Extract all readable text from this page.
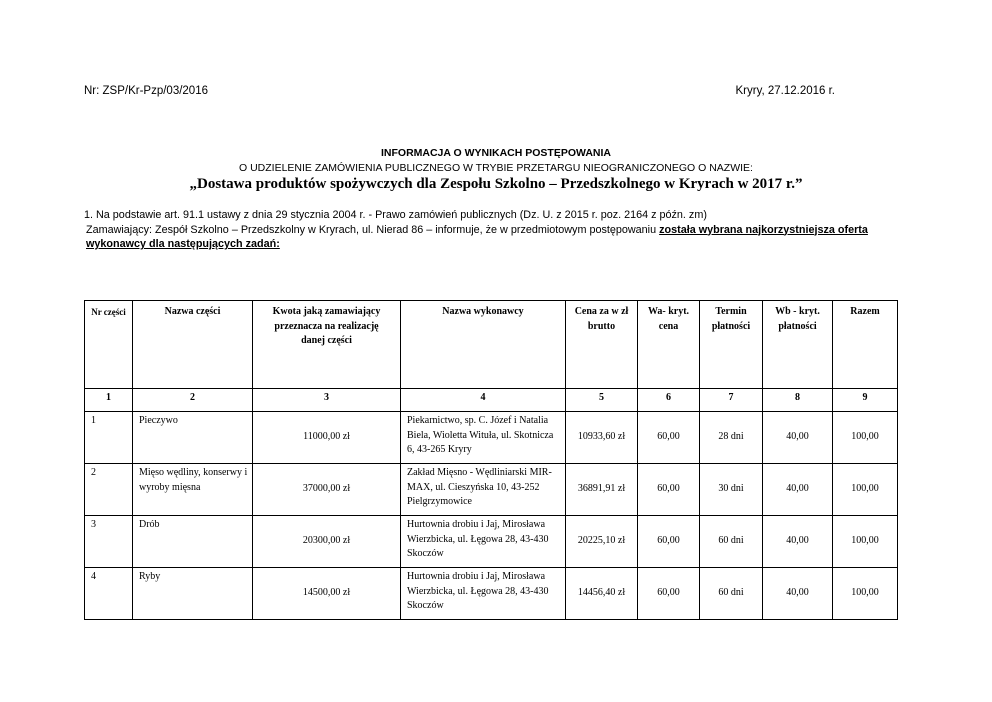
Nr: ZSP/Kr-Pzp/03/2016	Kryry, 27.12.2016 r.
INFORMACJA O WYNIKACH POSTĘPOWANIA
O UDZIELENIE ZAMÓWIENIA PUBLICZNEGO W TRYBIE PRZETARGU NIEOGRANICZONEGO O NAZWIE:
„Dostawa produktów spożywczych dla Zespołu Szkolno – Przedszkolnego w Kryrach w 2017 r.”
1. Na podstawie art. 91.1 ustawy z dnia 29 stycznia 2004 r. - Prawo zamówień publicznych (Dz. U. z 2015 r. poz. 2164 z późn. zm)
Zamawiający: Zespół Szkolno – Przedszkolny w Kryrach, ul. Nierad 86 – informuje, że w przedmiotowym postępowaniu została wybrana najkorzystniejsza oferta wykonawcy dla następujących zadań:
Nr części	Nazwa części	Kwota jaką zamawiający przeznacza na realizację danej części	Nazwa wykonawcy	Cena za w zł brutto	Wa- kryt. cena	Termin płatności	Wb - kryt. płatności	Razem
1	2	3	4	5	6	7	8	9
1	Pieczywo	11000,00 zł	Piekarnictwo, sp. C. Józef i Natalia Biela, Wioletta Wituła, ul. Skotnicza 6, 43-265 Kryry	10933,60 zł	60,00	28 dni	40,00	100,00
2	Mięso wędliny, konserwy i wyroby mięsna	37000,00 zł	Zakład Mięsno - Wędliniarski MIR-MAX, ul. Cieszyńska 10, 43-252 Pielgrzymowice	36891,91 zł	60,00	30 dni	40,00	100,00
3	Drób	20300,00 zł	Hurtownia drobiu i Jaj, Mirosława Wierzbicka, ul. Łęgowa 28, 43-430 Skoczów	20225,10 zł	60,00	60 dni	40,00	100,00
4	Ryby	14500,00 zł	Hurtownia drobiu i Jaj, Mirosława Wierzbicka, ul. Łęgowa 28, 43-430 Skoczów	14456,40 zł	60,00	60 dni	40,00	100,00
